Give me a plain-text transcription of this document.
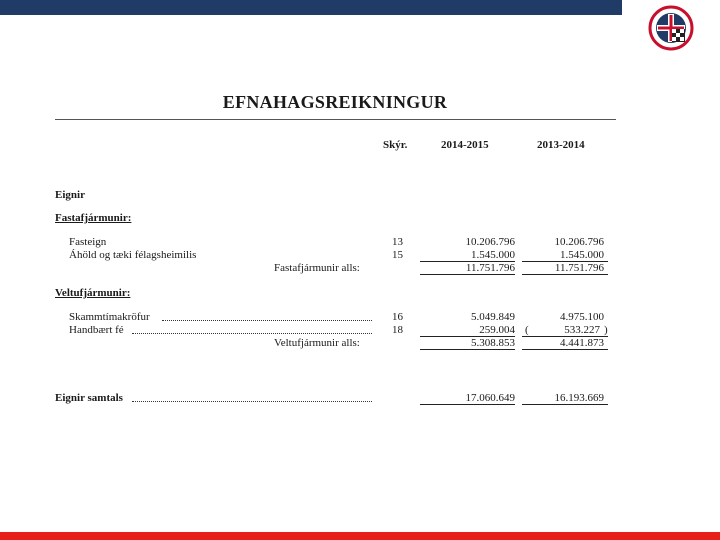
EFNAHAGSREIKNINGUR
Skýr.	2014-2015	2013-2014
Eignir
Fastafjármunir:
Fasteign	13	10.206.796	10.206.796
Áhöld og tæki félagsheimilis	15	1.545.000	1.545.000
Fastafjármunir alls:	11.751.796	11.751.796
Veltufjármunir:
Skammtímakröfur	16	5.049.849	4.975.100
Handbært fé	18	259.004 (	533.227 )
Veltufjármunir alls:	5.308.853	4.441.873
Eignir samtals	17.060.649	16.193.669
